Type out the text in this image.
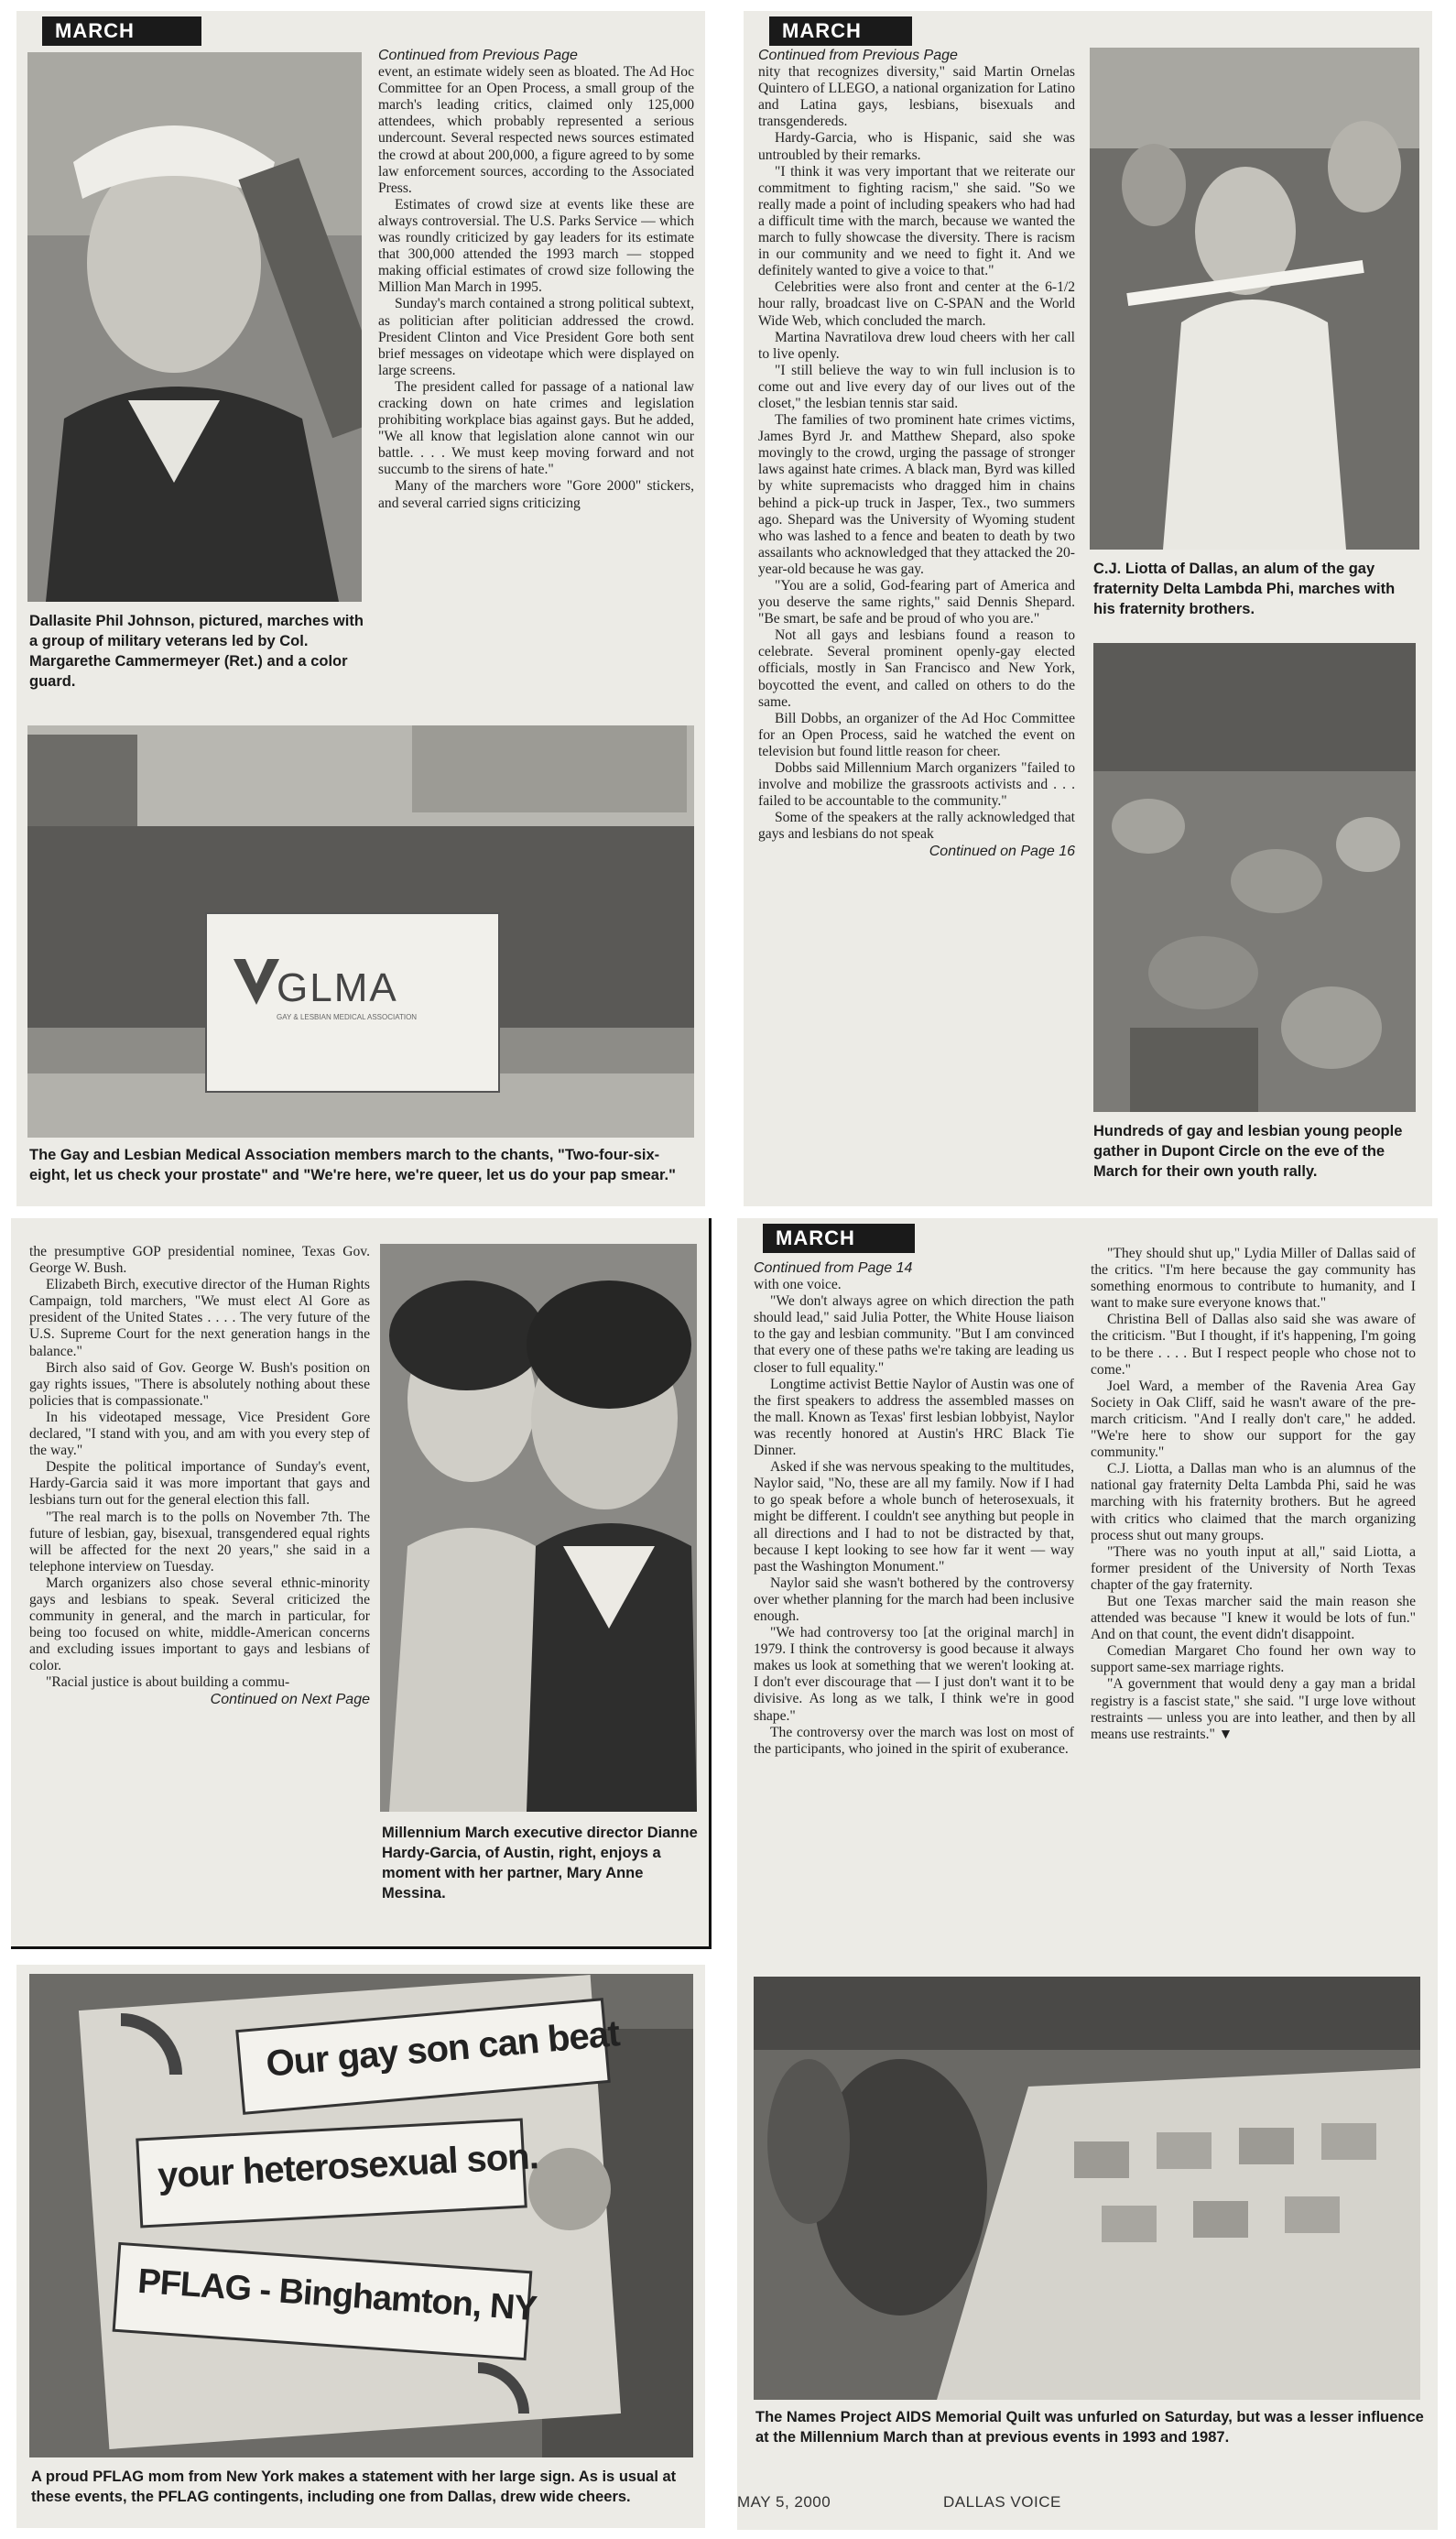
MARCH
Dallasite Phil Johnson, pictured, marches with a group of military veterans led by Col. Margarethe Cammermeyer (Ret.) and a color guard.
Continued from Previous Page

event, an estimate widely seen as bloated. The Ad Hoc Committee for an Open Process, a small group of the march's leading critics, claimed only 125,000 attendees, which probably represented a serious undercount. Several respected news sources estimated the crowd at about 200,000, a figure agreed to by some law enforcement sources, according to the Associated Press.

Estimates of crowd size at events like these are always controversial. The U.S. Parks Service — which was roundly criticized by gay leaders for its estimate that 300,000 attended the 1993 march — stopped making official estimates of crowd size following the Million Man March in 1995.

Sunday's march contained a strong political subtext, as politician after politician addressed the crowd. President Clinton and Vice President Gore both sent brief messages on videotape which were displayed on large screens.

The president called for passage of a national law cracking down on hate crimes and legislation prohibiting workplace bias against gays. But he added, "We all know that legislation alone cannot win our battle. . . . We must keep moving forward and not succumb to the sirens of hate."

Many of the marchers wore "Gore 2000" stickers, and several carried signs criticizing

GLMA
GAY & LESBIAN MEDICAL ASSOCIATION
The Gay and Lesbian Medical Association members march to the chants, "Two-four-six-eight, let us check your prostate" and "We're here, we're queer, let us do your pap smear."
MARCH
Continued from Previous Page

nity that recognizes diversity," said Martin Ornelas Quintero of LLEGO, a national organization for Latino and Latina gays, lesbians, bisexuals and transgendereds.

Hardy-Garcia, who is Hispanic, said she was untroubled by their remarks.

"I think it was very important that we reiterate our commitment to fighting racism," she said. "So we really made a point of including speakers who had had a difficult time with the march, because we wanted the march to fully showcase the diversity. There is racism in our community and we need to fight it. And we definitely wanted to give a voice to that."

Celebrities were also front and center at the 6-1/2 hour rally, broadcast live on C-SPAN and the World Wide Web, which concluded the march.

Martina Navratilova drew loud cheers with her call to live openly.

"I still believe the way to win full inclusion is to come out and live every day of our lives out of the closet," the lesbian tennis star said.

The families of two prominent hate crimes victims, James Byrd Jr. and Matthew Shepard, also spoke movingly to the crowd, urging the passage of stronger laws against hate crimes. A black man, Byrd was killed by white supremacists who dragged him in chains behind a pick-up truck in Jasper, Tex., two summers ago. Shepard was the University of Wyoming student who was lashed to a fence and beaten to death by two assailants who acknowledged that they attacked the 20-year-old because he was gay.

"You are a solid, God-fearing part of America and you deserve the same rights," said Dennis Shepard. "Be smart, be safe and be proud of who you are."

Not all gays and lesbians found a reason to celebrate. Several prominent openly-gay elected officials, mostly in San Francisco and New York, boycotted the event, and called on others to do the same.

Bill Dobbs, an organizer of the Ad Hoc Committee for an Open Process, said he watched the event on television but found little reason for cheer.

Dobbs said Millennium March organizers "failed to involve and mobilize the grassroots activists and . . . failed to be accountable to the community."

Some of the speakers at the rally acknowledged that gays and lesbians do not speak

Continued on Page 16
C.J. Liotta of Dallas, an alum of the gay fraternity Delta Lambda Phi, marches with his fraternity brothers.
Hundreds of gay and lesbian young people gather in Dupont Circle on the eve of the March for their own youth rally.

the presumptive GOP presidential nominee, Texas Gov. George W. Bush.

Elizabeth Birch, executive director of the Human Rights Campaign, told marchers, "We must elect Al Gore as president of the United States . . . . The very future of the U.S. Supreme Court for the next generation hangs in the balance."

Birch also said of Gov. George W. Bush's position on gay rights issues, "There is absolutely nothing about these policies that is compassionate."

In his videotaped message, Vice President Gore declared, "I stand with you, and am with you every step of the way."

Despite the political importance of Sunday's event, Hardy-Garcia said it was more important that gays and lesbians turn out for the general election this fall.

"The real march is to the polls on November 7th. The future of lesbian, gay, bisexual, transgendered equal rights will be affected for the next 20 years," she said in a telephone interview on Tuesday.

March organizers also chose several ethnic-minority gays and lesbians to speak. Several criticized the community in general, and the march in particular, for being too focused on white, middle-American concerns and excluding issues important to gays and lesbians of color.

"Racial justice is about building a commu-

Continued on Next Page
Millennium March executive director Dianne Hardy-Garcia, of Austin, right, enjoys a moment with her partner, Mary Anne Messina.
Our gay son can beat
your heterosexual son.
PFLAG - Binghamton, NY
A proud PFLAG mom from New York makes a statement with her large sign. As is usual at these events, the PFLAG contingents, including one from Dallas, drew wide cheers.
MARCH
Continued from Page 14

with one voice.

"We don't always agree on which direction the path should lead," said Julia Potter, the White House liaison to the gay and lesbian community. "But I am convinced that every one of these paths we're taking are leading us closer to full equality."

Longtime activist Bettie Naylor of Austin was one of the first speakers to address the assembled masses on the mall. Known as Texas' first lesbian lobbyist, Naylor was recently honored at Austin's HRC Black Tie Dinner.

Asked if she was nervous speaking to the multitudes, Naylor said, "No, these are all my family. Now if I had to go speak before a whole bunch of heterosexuals, it might be different. I couldn't see anything but people in all directions and I had to not be distracted by that, because I kept looking to see how far it went — way past the Washington Monument."

Naylor said she wasn't bothered by the controversy over whether planning for the march had been inclusive enough.

"We had controversy too [at the original march] in 1979. I think the controversy is good because it always makes us look at something that we weren't looking at. I don't ever discourage that — I just don't want it to be divisive. As long as we talk, I think we're in good shape."

The controversy over the march was lost on most of the participants, who joined in the spirit of exuberance.

"They should shut up," Lydia Miller of Dallas said of the critics. "I'm here because the gay community has something enormous to contribute to humanity, and I want to make sure everyone knows that."

Christina Bell of Dallas also said she was aware of the criticism. "But I thought, if it's happening, I'm going to be there . . . . But I respect people who chose not to come."

Joel Ward, a member of the Ravenia Area Gay Society in Oak Cliff, said he wasn't aware of the pre-march criticism. "And I really don't care," he added. "We're here to show our support for the gay community."

C.J. Liotta, a Dallas man who is an alumnus of the national gay fraternity Delta Lambda Phi, said he was marching with his fraternity brothers. But he agreed with critics who claimed that the march organizing process shut out many groups.

"There was no youth input at all," said Liotta, a former president of the University of North Texas chapter of the gay fraternity.

But one Texas marcher said the main reason she attended was because "I knew it would be lots of fun." And on that count, the event didn't disappoint.

Comedian Margaret Cho found her own way to support same-sex marriage rights.

"A government that would deny a gay man a bridal registry is a fascist state," she said. "I urge love without restraints — unless you are into leather, and then by all means use restraints." ▼

The Names Project AIDS Memorial Quilt was unfurled on Saturday, but was a lesser influence at the Millennium March than at previous events in 1993 and 1987.
MAY 5, 2000	DALLAS VOICE
